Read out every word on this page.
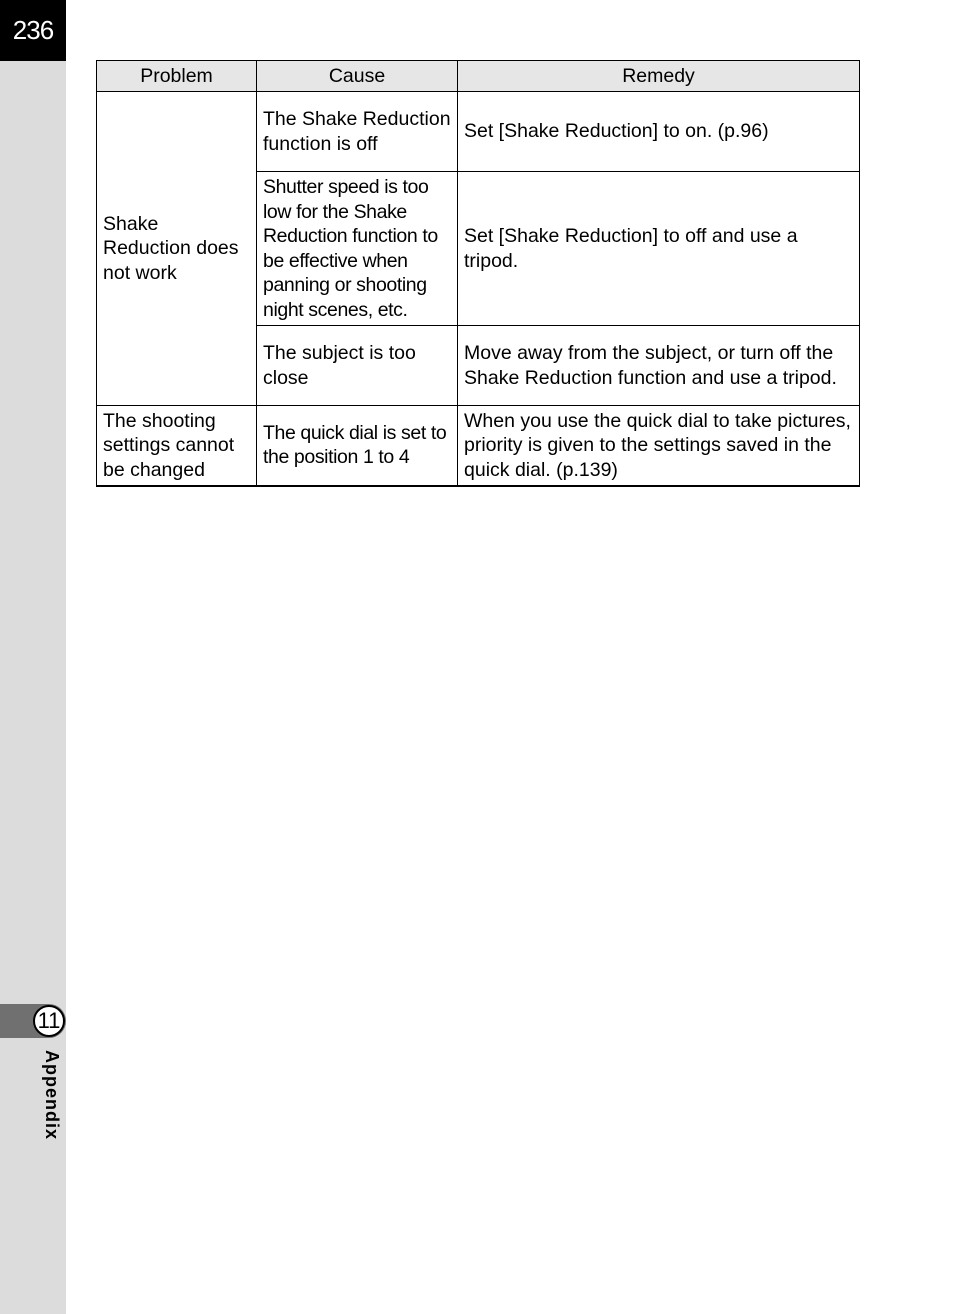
236
11
Appendix
Problem	Cause	Remedy
Shake Reduction does not work	The Shake Reduction function is off	Set [Shake Reduction] to on. (p.96)
	Shutter speed is too low for the Shake Reduction function to be effective when panning or shooting night scenes, etc.	Set [Shake Reduction] to off and use a tripod.
	The subject is too close	Move away from the subject, or turn off the Shake Reduction function and use a tripod.
The shooting settings cannot be changed	The quick dial is set to the position 1 to 4	When you use the quick dial to take pictures, priority is given to the settings saved in the quick dial. (p.139)
